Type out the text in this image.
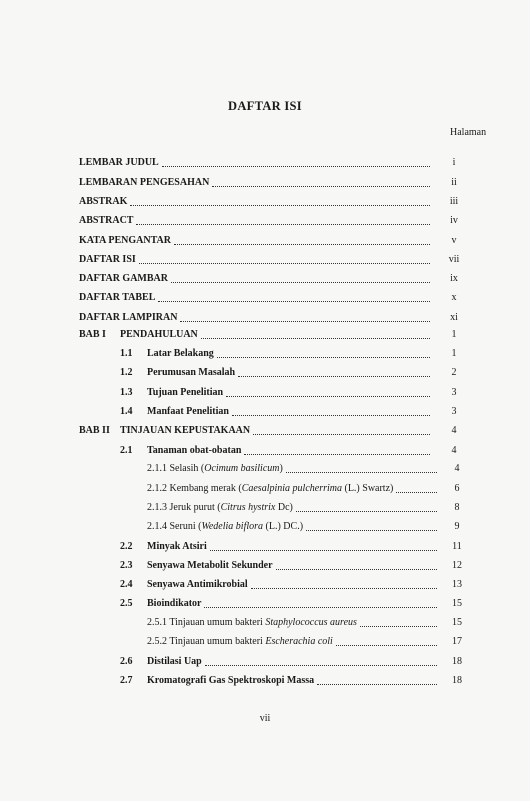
DAFTAR ISI
Halaman
LEMBAR JUDUL	i
LEMBARAN PENGESAHAN	ii
ABSTRAK	iii
ABSTRACT	iv
KATA PENGANTAR	v
DAFTAR ISI	vii
DAFTAR GAMBAR	ix
DAFTAR TABEL	x
DAFTAR LAMPIRAN	xi
BAB I	PENDAHULUAN	1
1.1	Latar Belakang	1
1.2	Perumusan Masalah	2
1.3	Tujuan Penelitian	3
1.4	Manfaat Penelitian	3
BAB II	TINJAUAN KEPUSTAKAAN	4
2.1	Tanaman obat-obatan	4
2.1.1 Selasih (Ocimum basilicum)	4
2.1.2 Kembang merak (Caesalpinia pulcherrima (L.) Swartz)	6
2.1.3 Jeruk purut (Citrus hystrix Dc)	8
2.1.4 Seruni (Wedelia biflora (L.) DC.)	9
2.2	Minyak Atsiri	11
2.3	Senyawa Metabolit Sekunder	12
2.4	Senyawa Antimikrobial	13
2.5	Bioindikator	15
2.5.1 Tinjauan umum bakteri Staphylococcus aureus	15
2.5.2 Tinjauan umum bakteri Escherachia coli	17
2.6	Distilasi Uap	18
2.7	Kromatografi Gas Spektroskopi Massa	18
vii
